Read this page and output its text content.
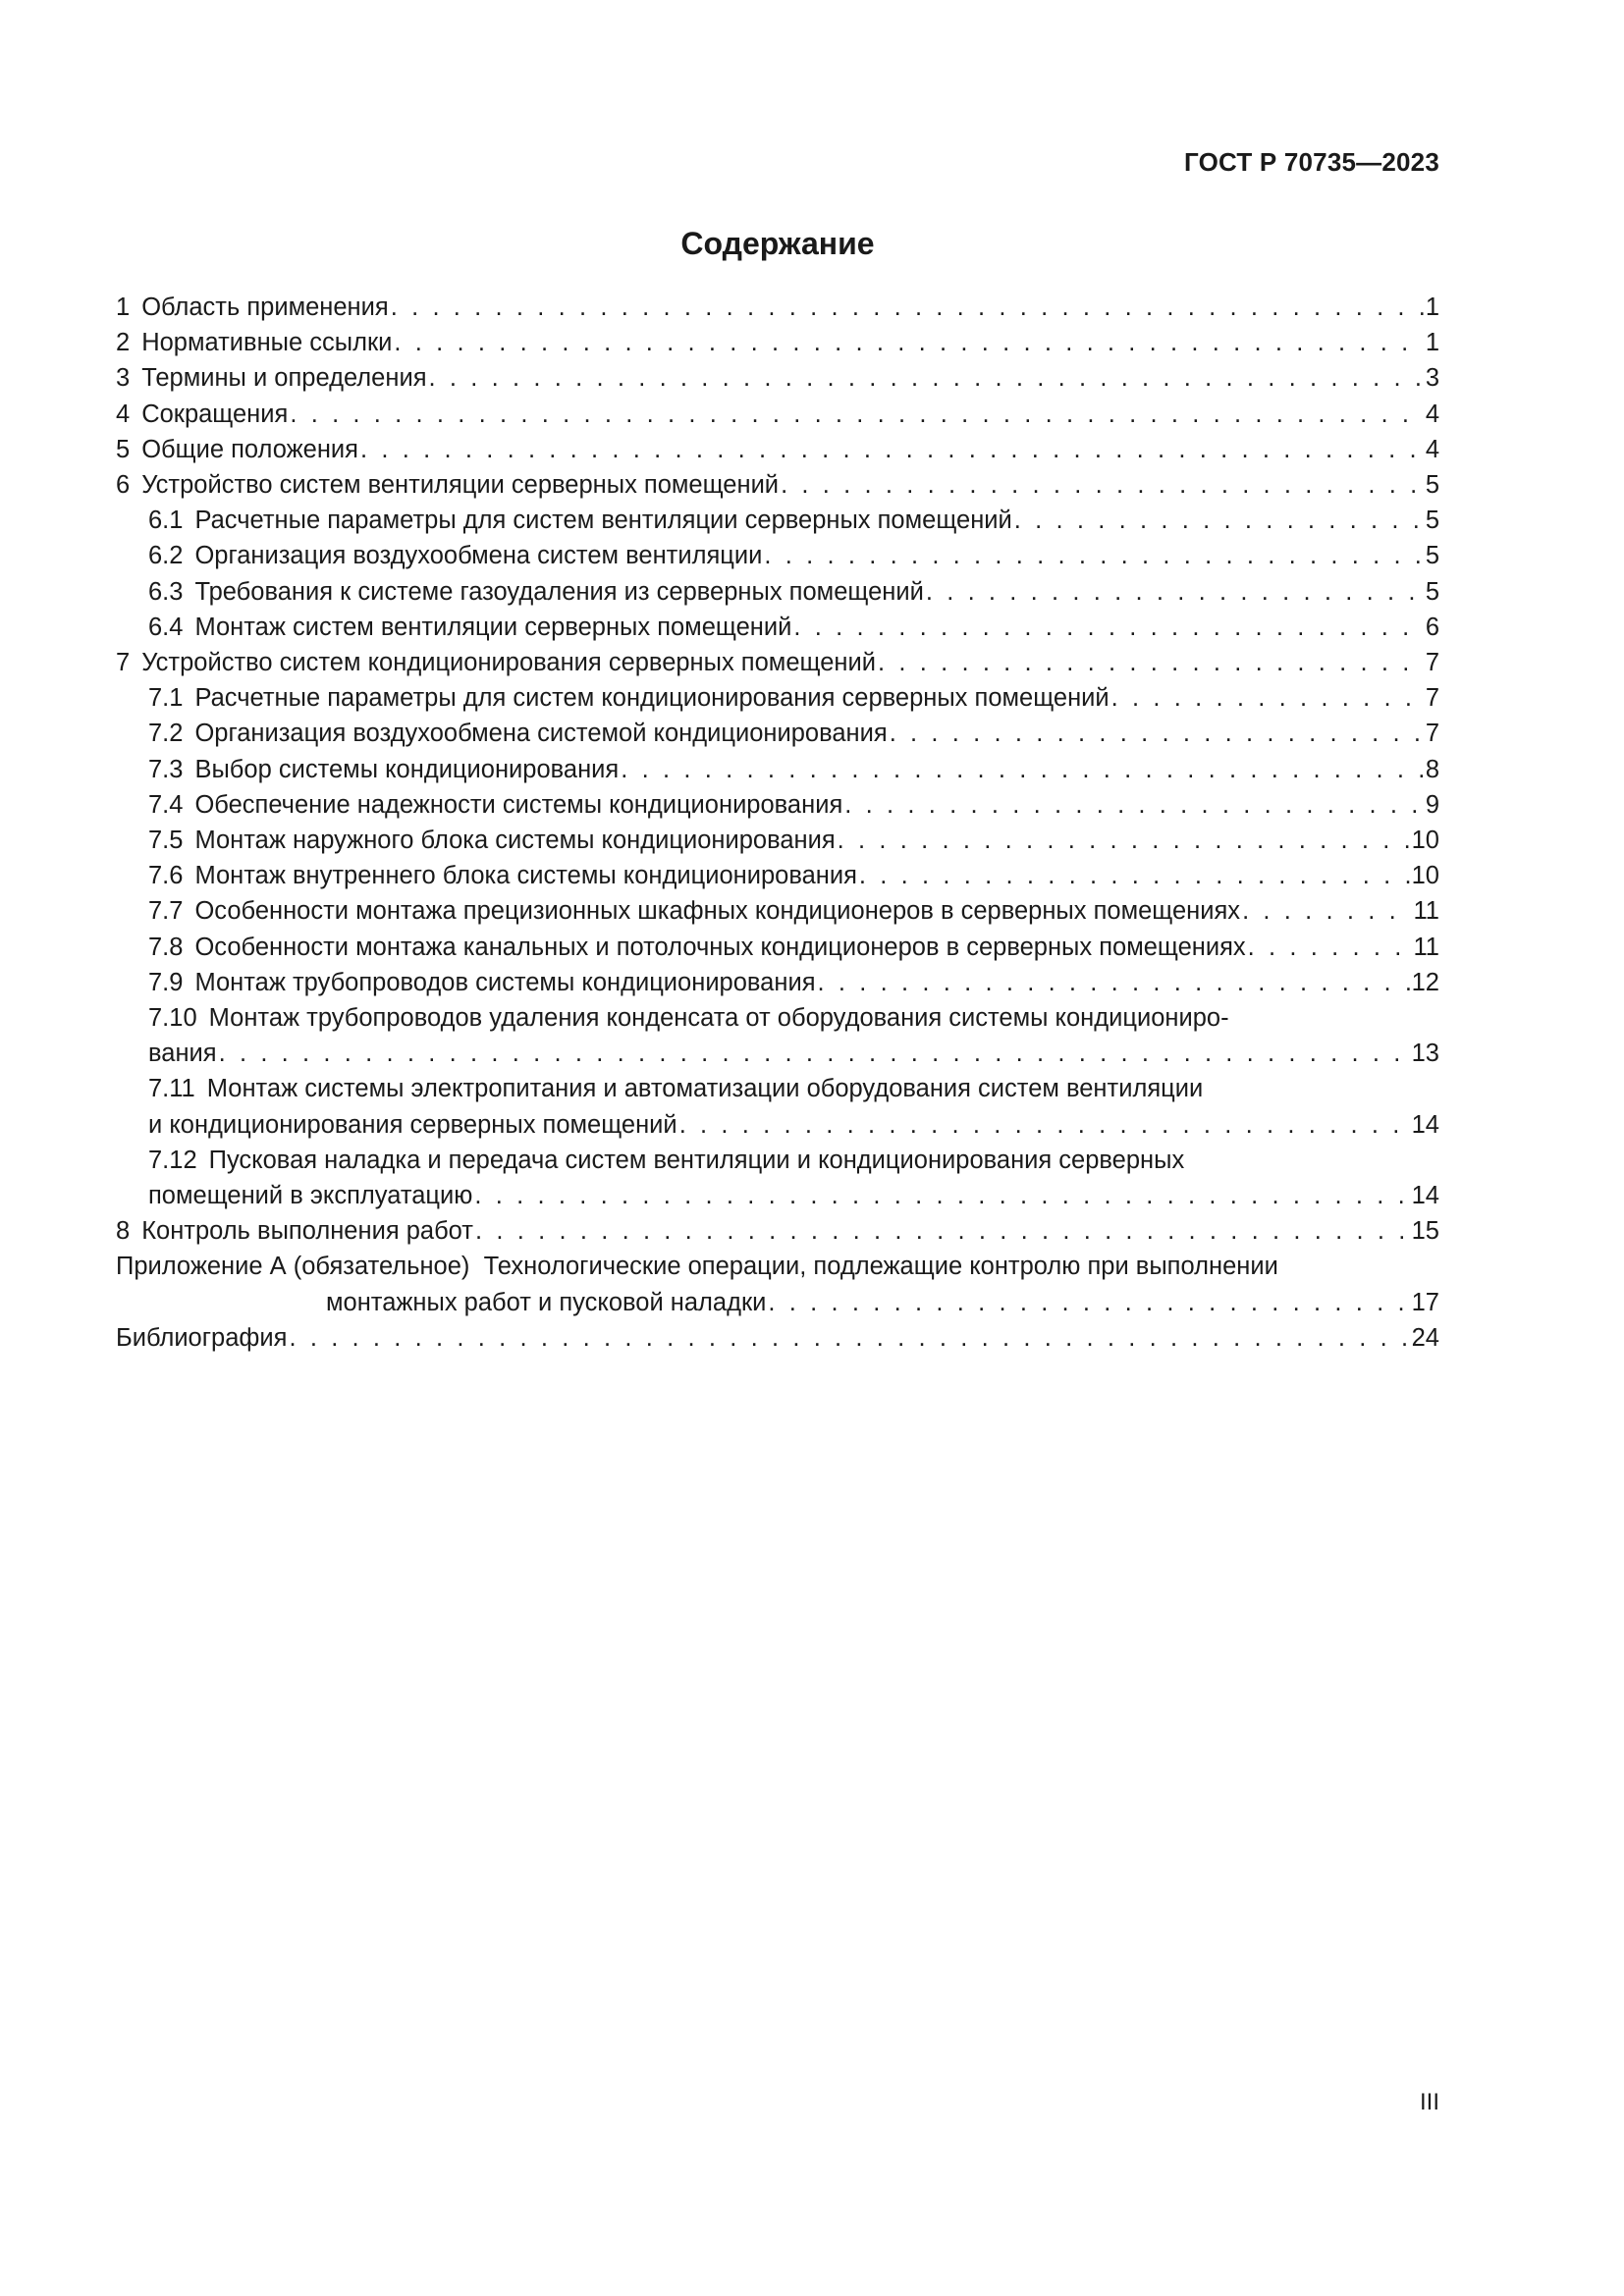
ГОСТ Р 70735—2023
Содержание
1 Область применения . . .	1
2 Нормативные ссылки . . .	1
3 Термины и определения . . .	3
4 Сокращения . . .	4
5 Общие положения . . .	4
6 Устройство систем вентиляции серверных помещений . . .	5
6.1 Расчетные параметры для систем вентиляции серверных помещений . . .	5
6.2 Организация воздухообмена систем вентиляции . . .	5
6.3 Требования к системе газоудаления из серверных помещений . . .	5
6.4 Монтаж систем вентиляции серверных помещений . . .	6
7 Устройство систем кондиционирования серверных помещений . . .	7
7.1 Расчетные параметры для систем кондиционирования серверных помещений . . .	7
7.2 Организация воздухообмена системой кондиционирования . . .	7
7.3 Выбор системы кондиционирования . . .	8
7.4 Обеспечение надежности системы кондиционирования . . .	9
7.5 Монтаж наружного блока системы кондиционирования . . .	10
7.6 Монтаж внутреннего блока системы кондиционирования . . .	10
7.7 Особенности монтажа прецизионных шкафных кондиционеров в серверных помещениях . . .	11
7.8 Особенности монтажа канальных и потолочных кондиционеров в серверных помещениях . . .	11
7.9 Монтаж трубопроводов системы кондиционирования . . .	12
7.10 Монтаж трубопроводов удаления конденсата от оборудования системы кондициониро-
вания . . .	13
7.11 Монтаж системы электропитания и автоматизации оборудования систем вентиляции
и кондиционирования серверных помещений . . .	14
7.12 Пусковая наладка и передача систем вентиляции и кондиционирования серверных
помещений в эксплуатацию . . .	14
8 Контроль выполнения работ . . .	15
Приложение А (обязательное) Технологические операции, подлежащие контролю при выполнении
монтажных работ и пусковой наладки . . .	17
Библиография . . .	24
III
